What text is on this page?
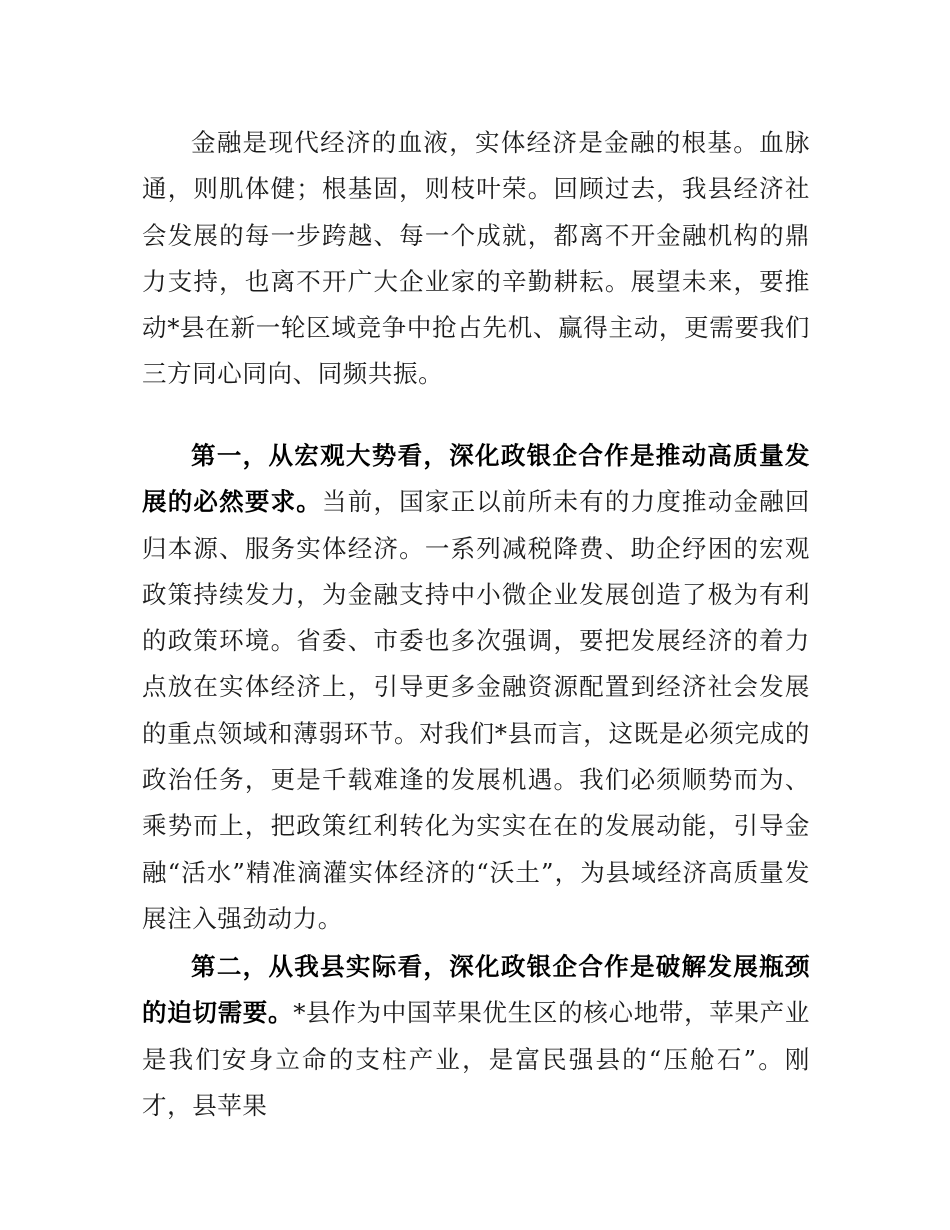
金融是现代经济的血液，实体经济是金融的根基。血脉通，则肌体健；根基固，则枝叶荣。回顾过去，我县经济社会发展的每一步跨越、每一个成就，都离不开金融机构的鼎力支持，也离不开广大企业家的辛勤耕耘。展望未来，要推动*县在新一轮区域竞争中抢占先机、赢得主动，更需要我们三方同心同向、同频共振。

第一，从宏观大势看，深化政银企合作是推动高质量发展的必然要求。当前，国家正以前所未有的力度推动金融回归本源、服务实体经济。一系列减税降费、助企纾困的宏观政策持续发力，为金融支持中小微企业发展创造了极为有利的政策环境。省委、市委也多次强调，要把发展经济的着力点放在实体经济上，引导更多金融资源配置到经济社会发展的重点领域和薄弱环节。对我们*县而言，这既是必须完成的政治任务，更是千载难逢的发展机遇。我们必须顺势而为、乘势而上，把政策红利转化为实实在在的发展动能，引导金融“活水”精准滴灌实体经济的“沃土”，为县域经济高质量发展注入强劲动力。

第二，从我县实际看，深化政银企合作是破解发展瓶颈的迫切需要。*县作为中国苹果优生区的核心地带，苹果产业是我们安身立命的支柱产业，是富民强县的“压舱石”。刚才，县苹果
